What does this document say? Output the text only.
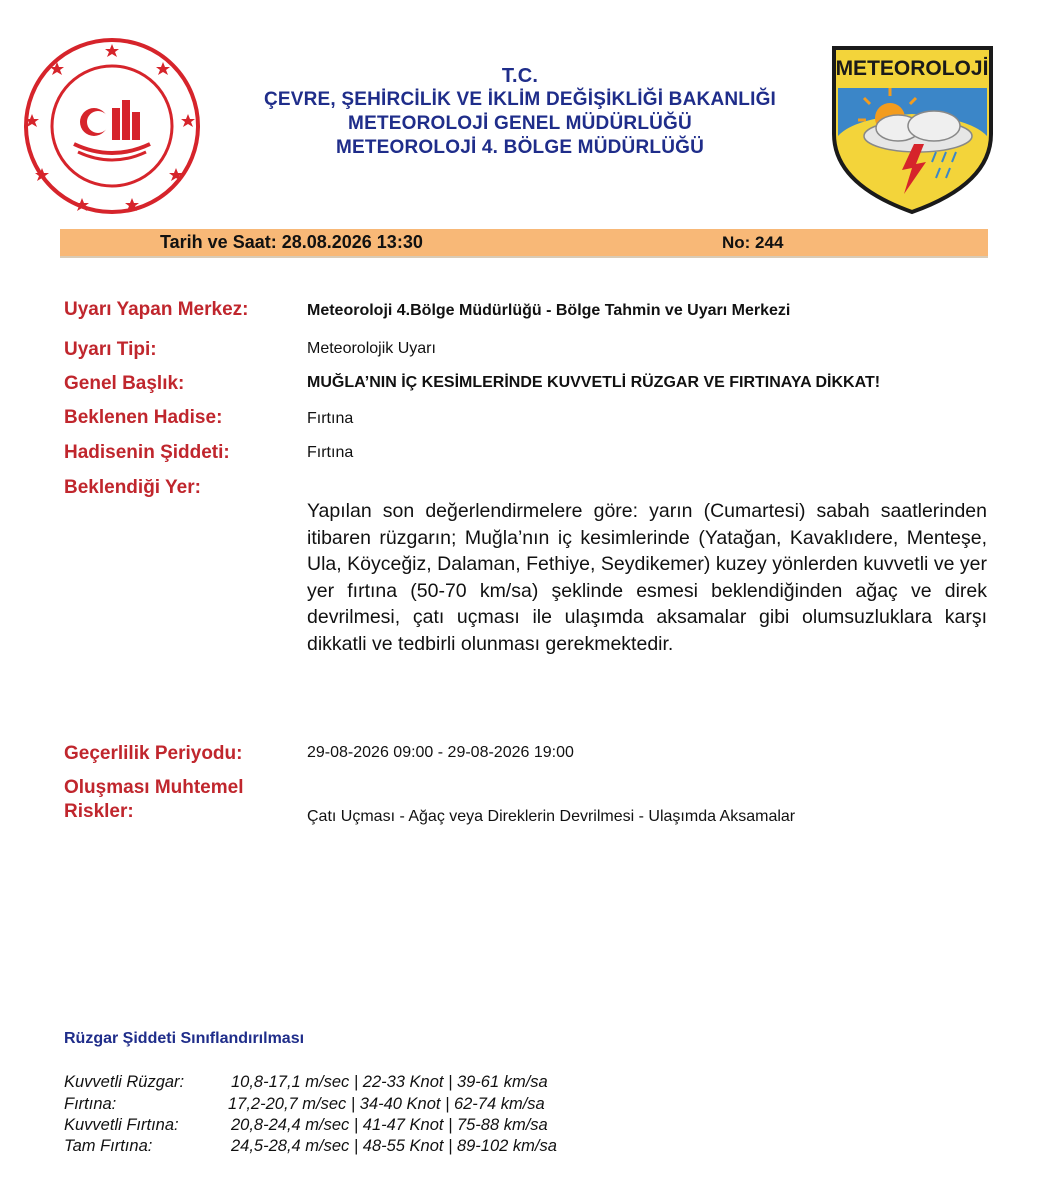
T.C.
ÇEVRE, ŞEHİRCİLİK VE İKLİM DEĞİŞİKLİĞİ BAKANLIĞI
METEOROLOJİ GENEL MÜDÜRLÜĞÜ
METEOROLOJİ 4. BÖLGE MÜDÜRLÜĞÜ
METEOROLOJİ
Tarih ve Saat: 28.08.2026 13:30	No: 244
Uyarı Yapan Merkez:	Meteoroloji 4.Bölge Müdürlüğü - Bölge Tahmin ve Uyarı Merkezi
Uyarı Tipi:	Meteorolojik Uyarı
Genel Başlık:	MUĞLA’NIN İÇ KESİMLERİNDE KUVVETLİ RÜZGAR VE FIRTINAYA DİKKAT!
Beklenen Hadise:	Fırtına
Hadisenin Şiddeti:	Fırtına
Beklendiği Yer:
Yapılan son değerlendirmelere göre: yarın (Cumartesi) sabah saatlerinden itibaren rüzgarın; Muğla’nın iç kesimlerinde (Yatağan, Kavaklıdere, Menteşe, Ula, Köyceğiz, Dalaman, Fethiye, Seydikemer) kuzey yönlerden kuvvetli ve yer yer fırtına (50-70 km/sa) şeklinde esmesi beklendiğinden ağaç ve direk devrilmesi, çatı uçması ile ulaşımda aksamalar gibi olumsuzluklara karşı dikkatli ve tedbirli olunması gerekmektedir.
Geçerlilik Periyodu:	29-08-2026 09:00 - 29-08-2026 19:00
Oluşması Muhtemel
Riskler:	Çatı Uçması - Ağaç veya Direklerin Devrilmesi - Ulaşımda Aksamalar
Rüzgar Şiddeti Sınıflandırılması
Kuvvetli Rüzgar:	10,8-17,1 m/sec | 22-33 Knot | 39-61 km/sa
Fırtına:	17,2-20,7 m/sec | 34-40 Knot | 62-74 km/sa
Kuvvetli Fırtına:	20,8-24,4 m/sec | 41-47 Knot | 75-88 km/sa
Tam Fırtına:	24,5-28,4 m/sec | 48-55 Knot | 89-102 km/sa
